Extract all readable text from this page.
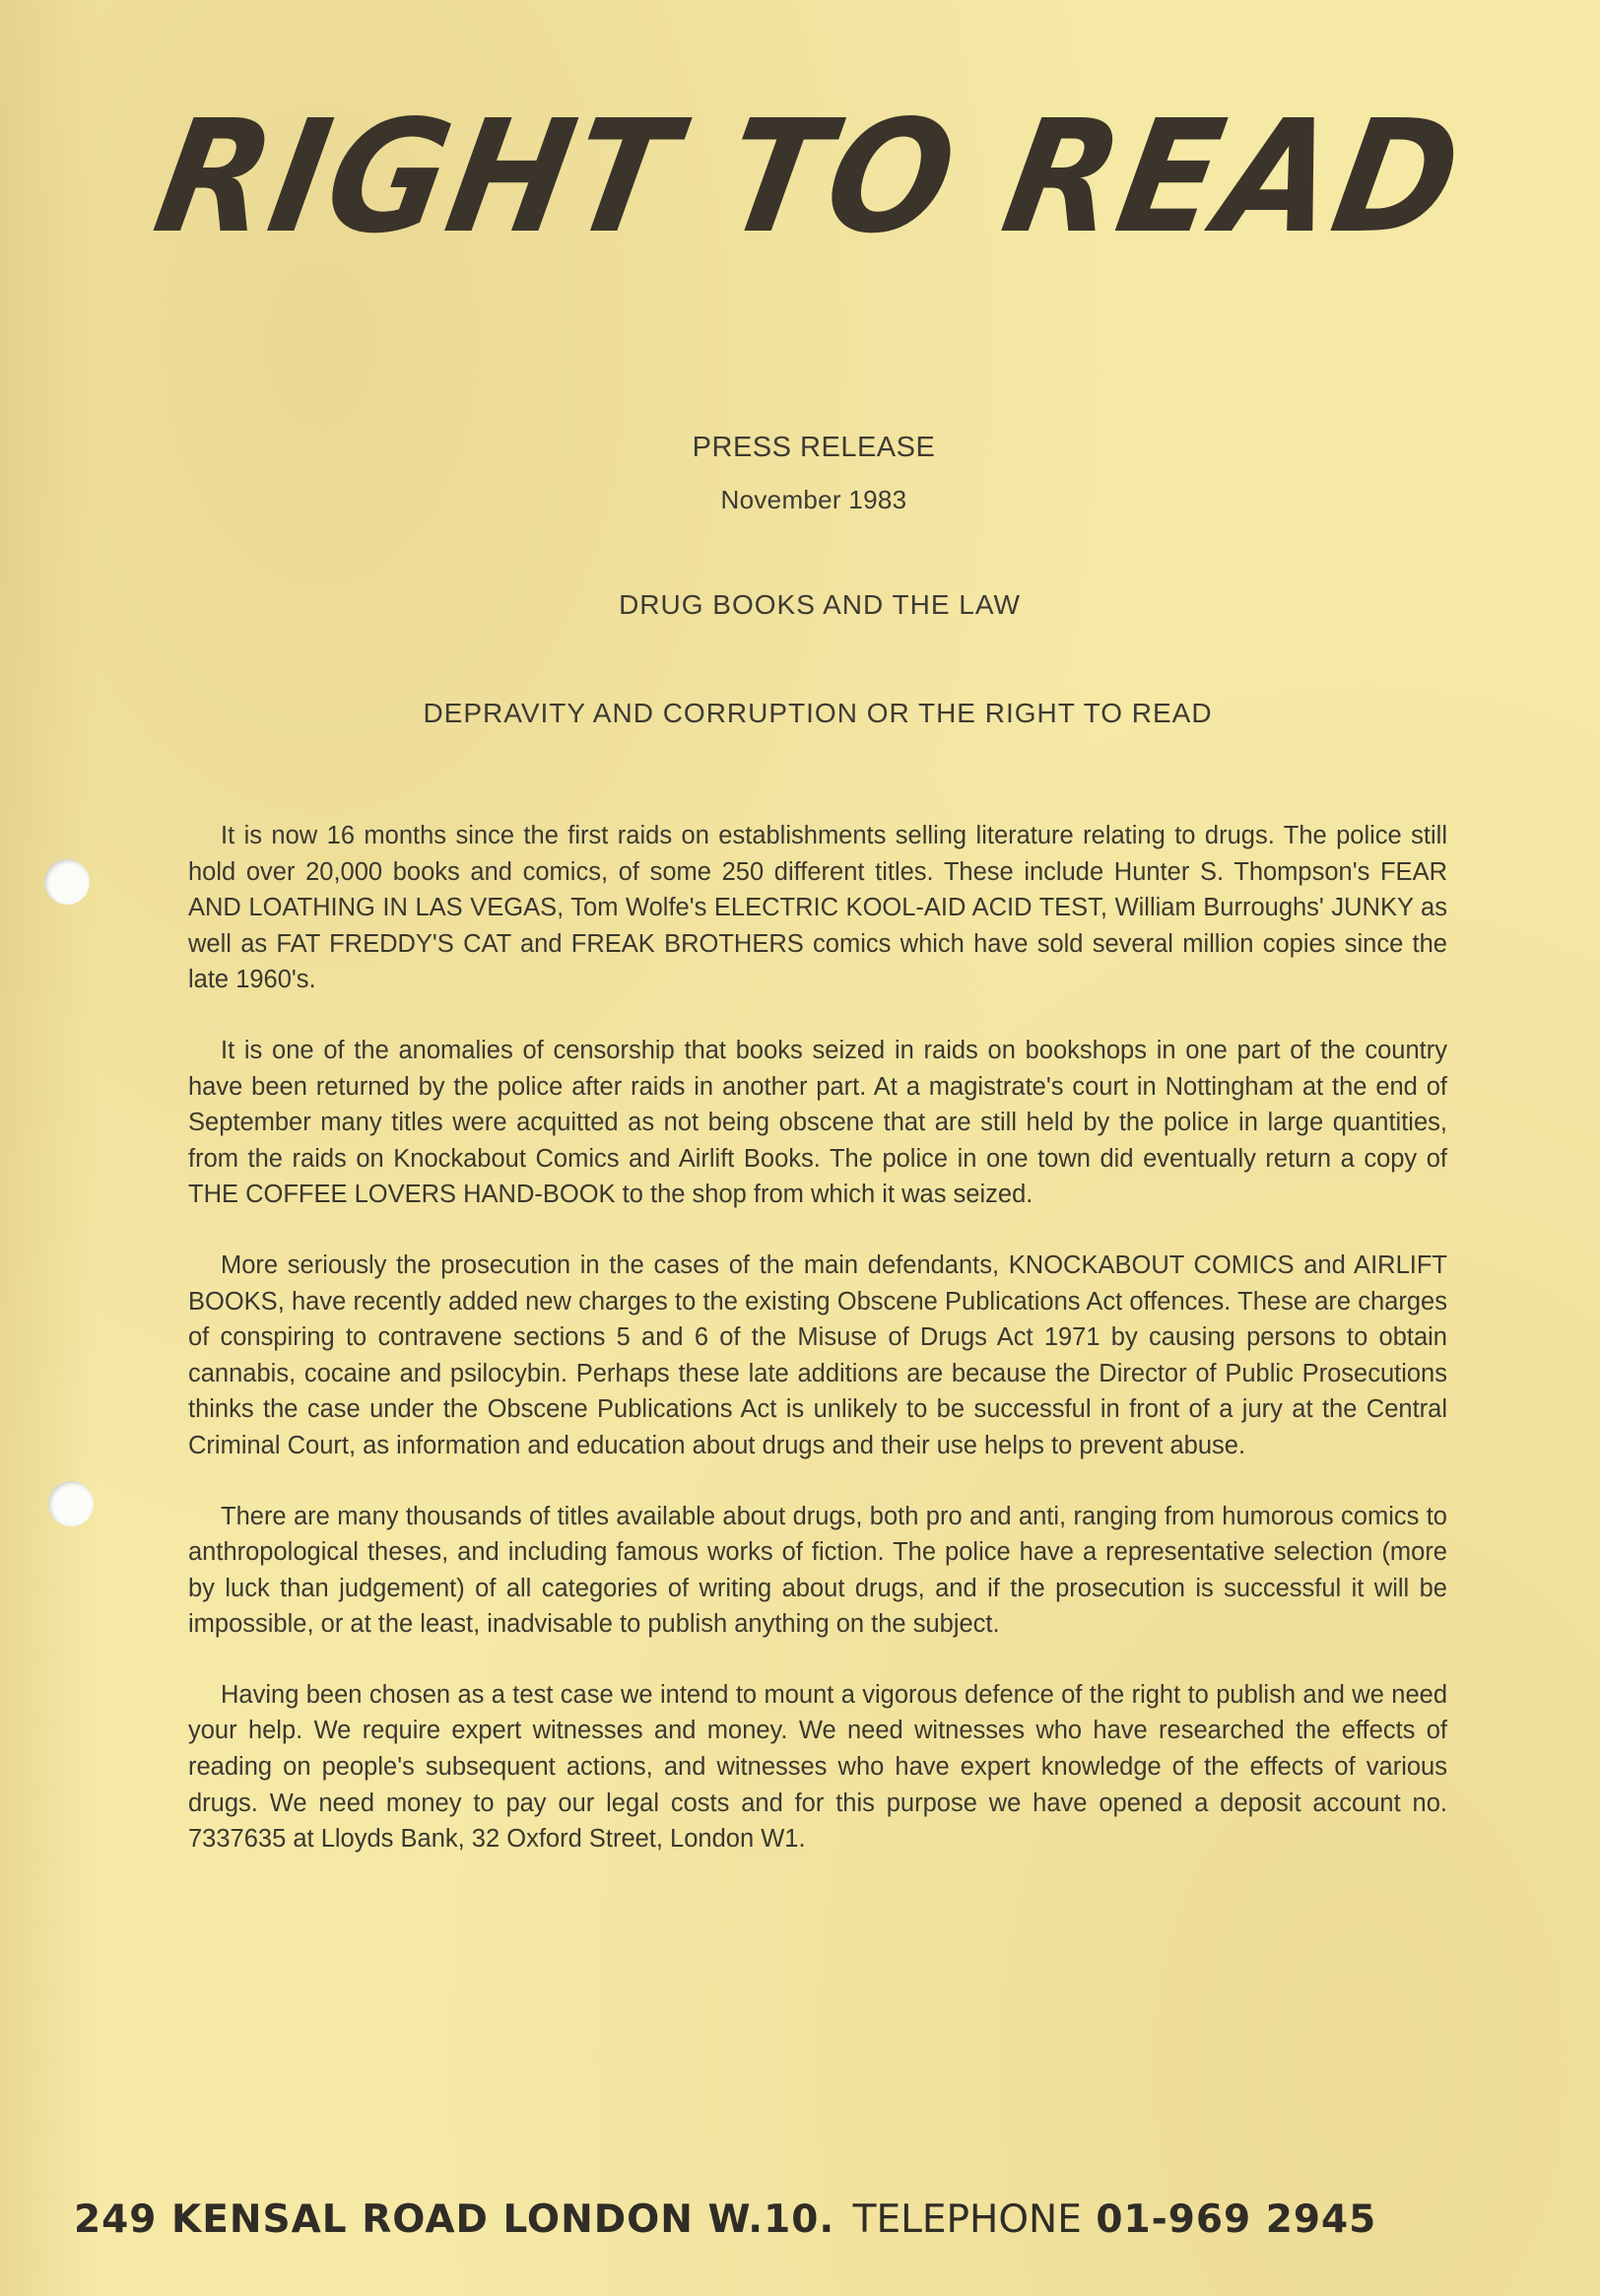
RIGHT TO READ
PRESS RELEASE
November 1983
DRUG BOOKS AND THE LAW
DEPRAVITY AND CORRUPTION OR THE RIGHT TO READ

It is now 16 months since the first raids on establishments selling literature relating to drugs. The police still hold over 20,000 books and comics, of some 250 different titles. These include Hunter S. Thompson's FEAR AND LOATHING IN LAS VEGAS, Tom Wolfe's ELECTRIC KOOL-AID ACID TEST, William Burroughs' JUNKY as well as FAT FREDDY'S CAT and FREAK BROTHERS comics which have sold several million copies since the late 1960's.

It is one of the anomalies of censorship that books seized in raids on bookshops in one part of the country have been returned by the police after raids in another part. At a magistrate's court in Nottingham at the end of September many titles were acquitted as not being obscene that are still held by the police in large quantities, from the raids on Knockabout Comics and Airlift Books. The police in one town did eventually return a copy of THE COFFEE LOVERS HAND-BOOK to the shop from which it was seized.

More seriously the prosecution in the cases of the main defendants, KNOCKABOUT COMICS and AIRLIFT BOOKS, have recently added new charges to the existing Obscene Publications Act offences. These are charges of conspiring to contravene sections 5 and 6 of the Misuse of Drugs Act 1971 by causing persons to obtain cannabis, cocaine and psilocybin. Perhaps these late additions are because the Director of Public Prosecutions thinks the case under the Obscene Publications Act is unlikely to be successful in front of a jury at the Central Criminal Court, as information and education about drugs and their use helps to prevent abuse.

There are many thousands of titles available about drugs, both pro and anti, ranging from humorous comics to anthropological theses, and including famous works of fiction. The police have a representative selection (more by luck than judgement) of all categories of writing about drugs, and if the prosecution is successful it will be impossible, or at the least, inadvisable to publish anything on the subject.

Having been chosen as a test case we intend to mount a vigorous defence of the right to publish and we need your help. We require expert witnesses and money. We need witnesses who have researched the effects of reading on people's subsequent actions, and witnesses who have expert knowledge of the effects of various drugs. We need money to pay our legal costs and for this purpose we have opened a deposit account no. 7337635 at Lloyds Bank, 32 Oxford Street, London W1.

249 KENSAL ROAD LONDON W.10. TELEPHONE 01-969 2945
